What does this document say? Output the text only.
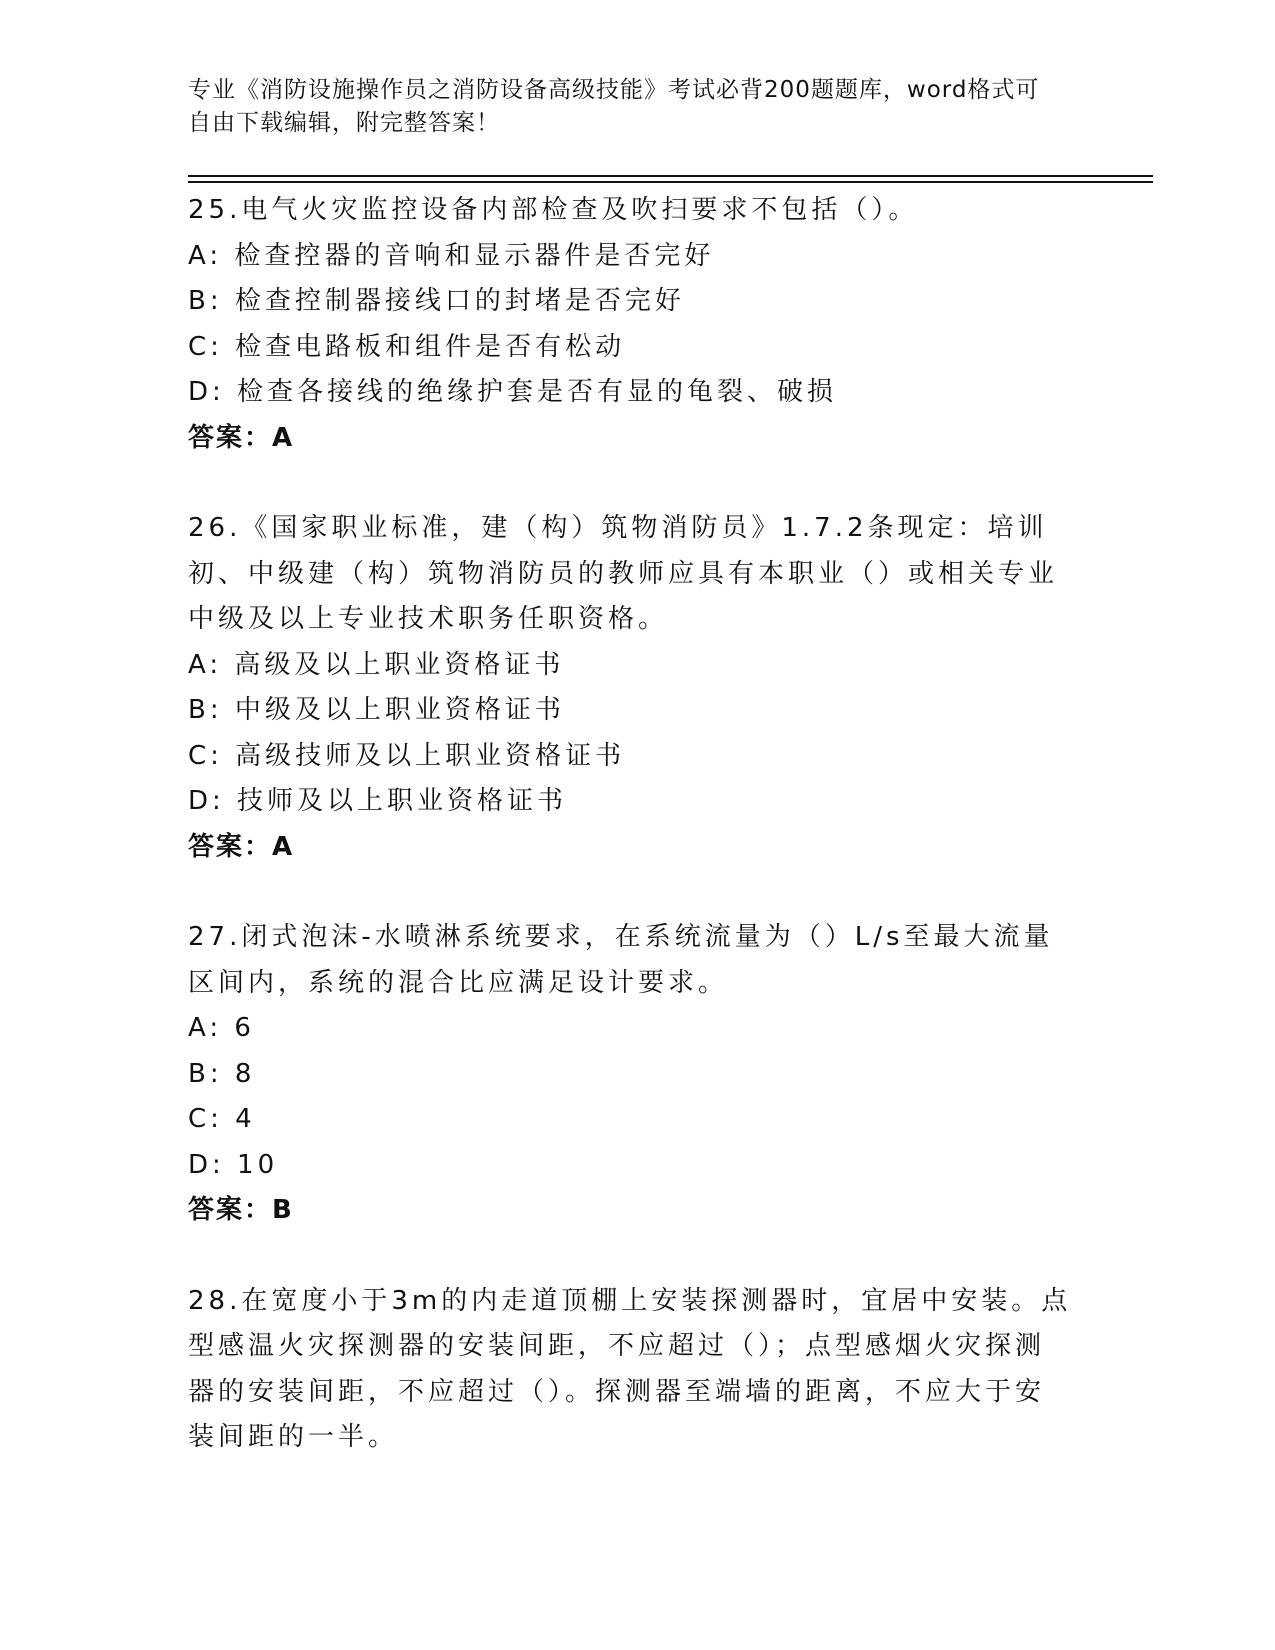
专业《消防设施操作员之消防设备高级技能》考试必背200题题库，word格式可
自由下载编辑，附完整答案！
25.电气火灾监控设备内部检查及吹扫要求不包括（）。
A: 检查控器的音响和显示器件是否完好
B: 检查控制器接线口的封堵是否完好
C: 检查电路板和组件是否有松动
D: 检查各接线的绝缘护套是否有显的龟裂、破损
答案：A
26.《国家职业标准，建（构）筑物消防员》1.7.2条现定：培训初、中级建（构）筑物消防员的教师应具有本职业（）或相关专业中级及以上专业技术职务任职资格。
A: 高级及以上职业资格证书
B: 中级及以上职业资格证书
C: 高级技师及以上职业资格证书
D: 技师及以上职业资格证书
答案：A
27.闭式泡沫-水喷淋系统要求，在系统流量为（）L/s至最大流量区间内，系统的混合比应满足设计要求。
A: 6
B: 8
C: 4
D: 10
答案：B
28.在宽度小于3m的内走道顶棚上安装探测器时，宜居中安装。点型感温火灾探测器的安装间距，不应超过（）；点型感烟火灾探测器的安装间距，不应超过（）。探测器至端墙的距离，不应大于安装间距的一半。
